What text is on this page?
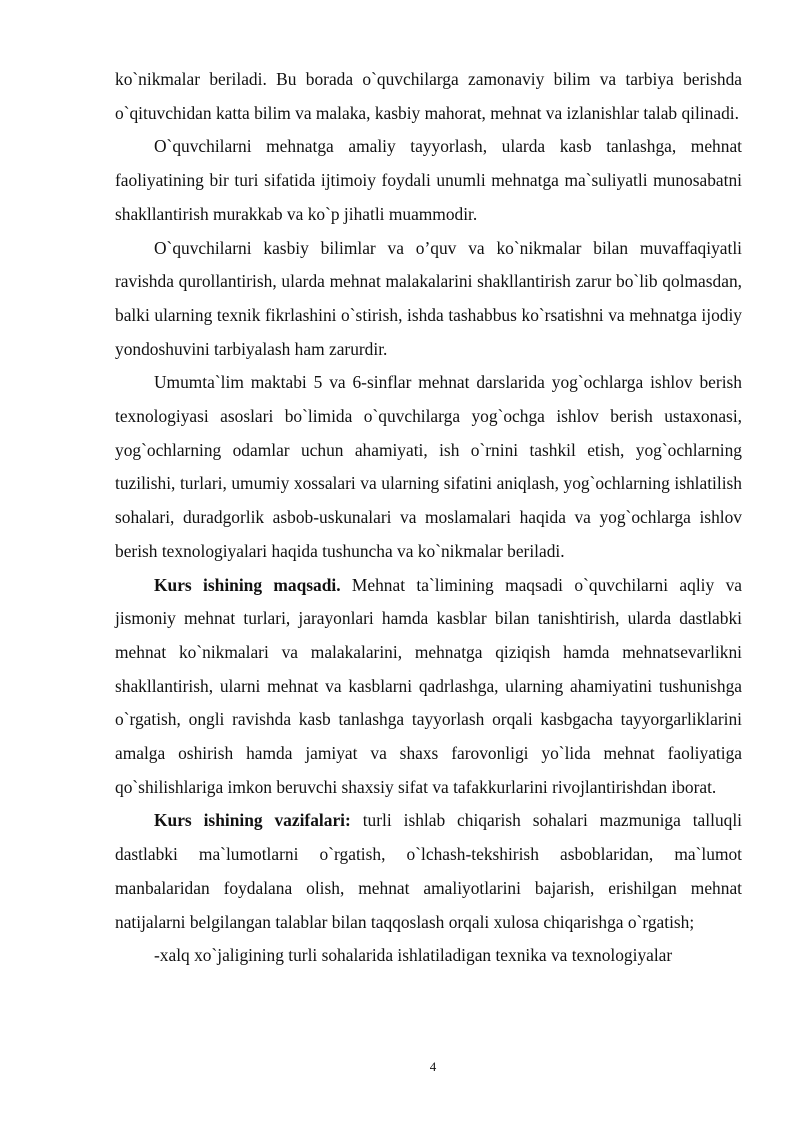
ko`nikmalar beriladi. Bu borada o`quvchilarga zamonaviy bilim va tarbiya berishda o`qituvchidan katta bilim va malaka, kasbiy mahorat, mehnat va izlanishlar talab qilinadi.

O`quvchilarni mehnatga amaliy tayyorlash, ularda kasb tanlashga, mehnat faoliyatining bir turi sifatida ijtimoiy foydali unumli mehnatga ma`suliyatli munosabatni shakllantirish murakkab va ko`p jihatli muammodir.

O`quvchilarni kasbiy bilimlar va o’quv va ko`nikmalar bilan muvaffaqiyatli ravishda qurollantirish, ularda mehnat malakalarini shakllantirish zarur bo`lib qolmasdan, balki ularning texnik fikrlashini o`stirish, ishda tashabbus ko`rsatishni va mehnatga ijodiy yondoshuvini tarbiyalash ham zarurdir.

Umumta`lim maktabi 5 va 6-sinflar mehnat darslarida yog`ochlarga ishlov berish texnologiyasi asoslari bo`limida o`quvchilarga yog`ochga ishlov berish ustaxonasi, yog`ochlarning odamlar uchun ahamiyati, ish o`rnini tashkil etish, yog`ochlarning tuzilishi, turlari, umumiy xossalari va ularning sifatini aniqlash, yog`ochlarning ishlatilish sohalari, duradgorlik asbob-uskunalari va moslamalari haqida va yog`ochlarga ishlov berish texnologiyalari haqida tushuncha va ko`nikmalar beriladi.

Kurs ishining maqsadi. Mehnat ta`limining maqsadi o`quvchilarni aqliy va jismoniy mehnat turlari, jarayonlari hamda kasblar bilan tanishtirish, ularda dastlabki mehnat ko`nikmalari va malakalarini, mehnatga qiziqish hamda mehnatsevarlikni shakllantirish, ularni mehnat va kasblarni qadrlashga, ularning ahamiyatini tushunishga o`rgatish, ongli ravishda kasb tanlashga tayyorlash orqali kasbgacha tayyorgarliklarini amalga oshirish hamda jamiyat va shaxs farovonligi yo`lida mehnat faoliyatiga qo`shilishlariga imkon beruvchi shaxsiy sifat va tafakkurlarini rivojlantirishdan iborat.

Kurs ishining vazifalari: turli ishlab chiqarish sohalari mazmuniga talluqli dastlabki ma`lumotlarni o`rgatish, o`lchash-tekshirish asboblaridan, ma`lumot manbalaridan foydalana olish, mehnat amaliyotlarini bajarish, erishilgan mehnat natijalarni belgilangan talablar bilan taqqoslash orqali xulosa chiqarishga o`rgatish;

-xalq xo`jaligining turli sohalarida ishlatiladigan texnika va texnologiyalar

4
